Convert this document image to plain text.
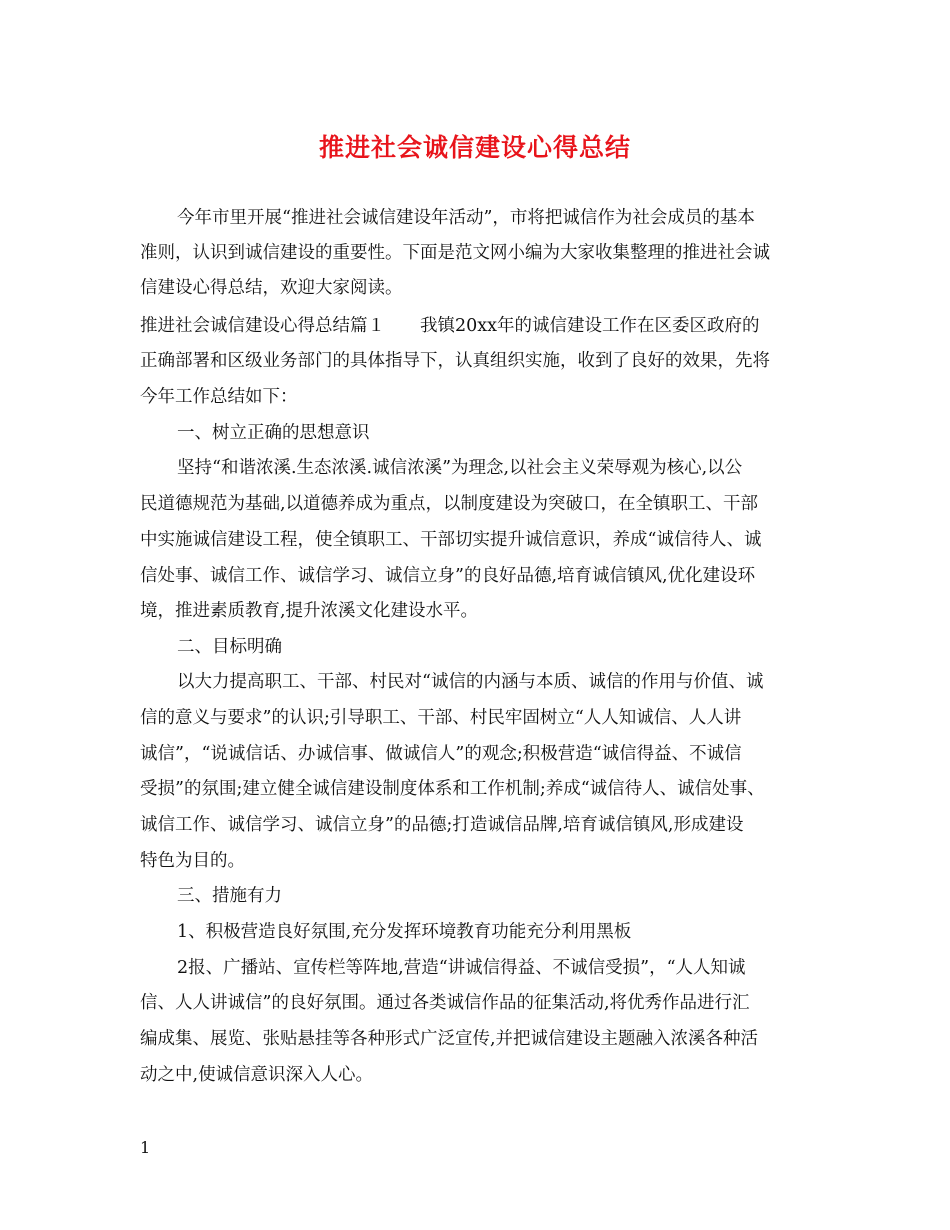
推进社会诚信建设心得总结
今年市里开展“推进社会诚信建设年活动”，市将把诚信作为社会成员的基本
准则，认识到诚信建设的重要性。下面是范文网小编为大家收集整理的推进社会诚
信建设心得总结，欢迎大家阅读。
推进社会诚信建设心得总结篇１　　我镇20xx年的诚信建设工作在区委区政府的
正确部署和区级业务部门的具体指导下，认真组织实施，收到了良好的效果，先将
今年工作总结如下：
一、树立正确的思想意识
坚持“和谐浓溪.生态浓溪.诚信浓溪”为理念,以社会主义荣辱观为核心,以公
民道德规范为基础,以道德养成为重点，以制度建设为突破口，在全镇职工、干部
中实施诚信建设工程，使全镇职工、干部切实提升诚信意识，养成“诚信待人、诚
信处事、诚信工作、诚信学习、诚信立身”的良好品德,培育诚信镇风,优化建设环
境，推进素质教育,提升浓溪文化建设水平。
二、目标明确
以大力提高职工、干部、村民对“诚信的内涵与本质、诚信的作用与价值、诚
信的意义与要求”的认识;引导职工、干部、村民牢固树立“人人知诚信、人人讲
诚信”，“说诚信话、办诚信事、做诚信人”的观念;积极营造“诚信得益、不诚信
受损”的氛围;建立健全诚信建设制度体系和工作机制;养成“诚信待人、诚信处事、
诚信工作、诚信学习、诚信立身”的品德;打造诚信品牌,培育诚信镇风,形成建设
特色为目的。
三、措施有力
1、积极营造良好氛围,充分发挥环境教育功能充分利用黑板
2报、广播站、宣传栏等阵地,营造“讲诚信得益、不诚信受损”，“人人知诚
信、人人讲诚信”的良好氛围。通过各类诚信作品的征集活动,将优秀作品进行汇
编成集、展览、张贴悬挂等各种形式广泛宣传,并把诚信建设主题融入浓溪各种活
动之中,使诚信意识深入人心。
1
